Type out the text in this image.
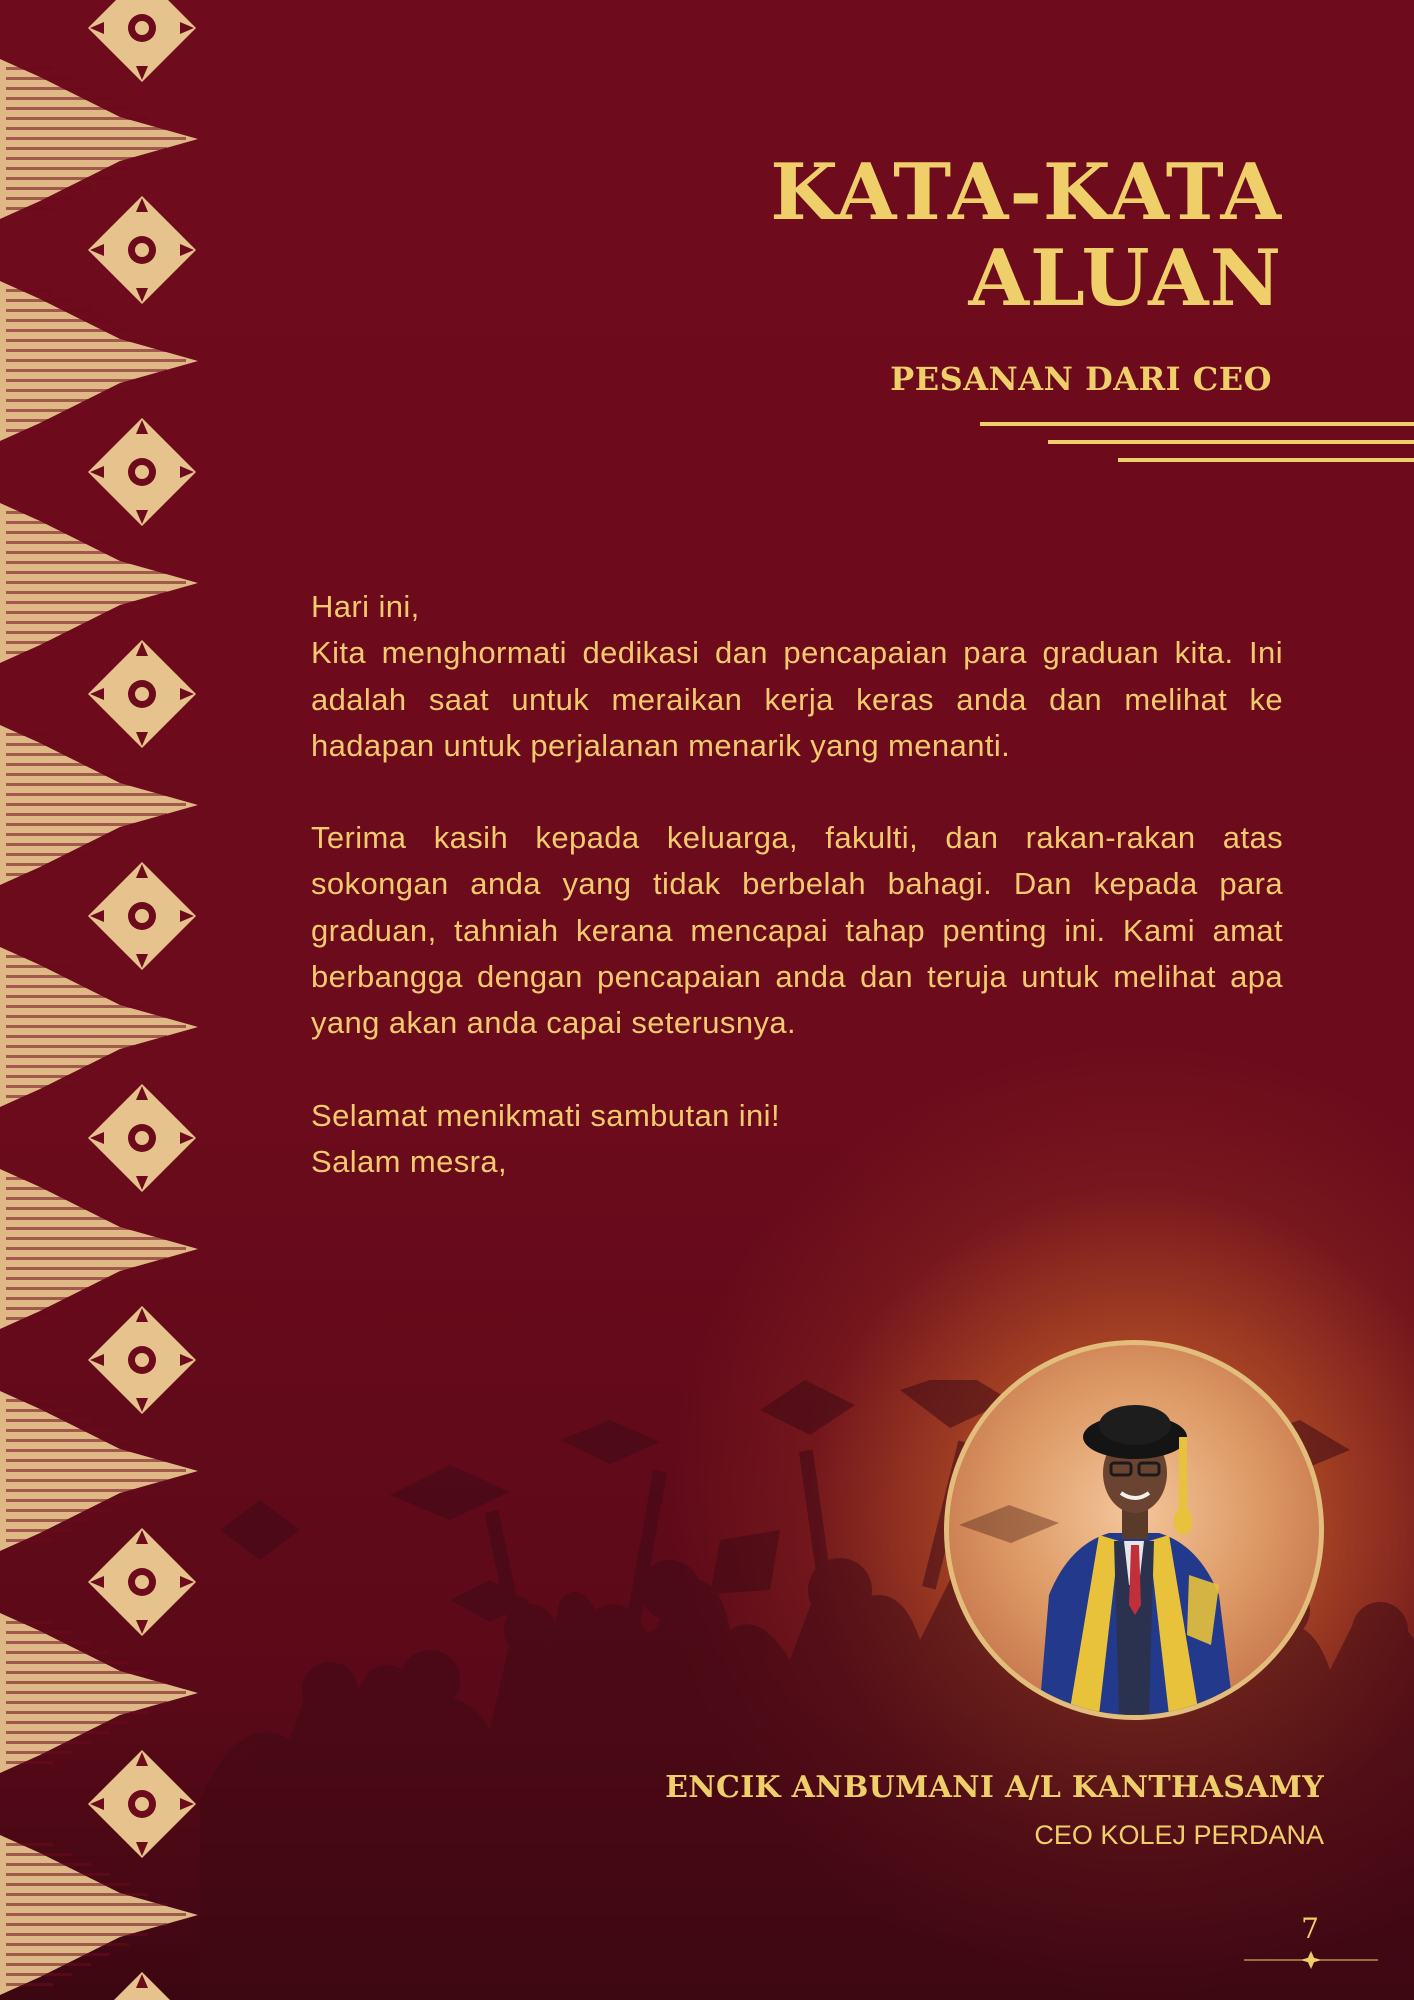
KATA-KATA
ALUAN
PESANAN DARI CEO

Hari ini,

Kita menghormati dedikasi dan pencapaian para graduan kita. Ini adalah saat untuk meraikan kerja keras anda dan melihat ke hadapan untuk perjalanan menarik yang menanti.

Terima kasih kepada keluarga, fakulti, dan rakan-rakan atas sokongan anda yang tidak berbelah bahagi. Dan kepada para graduan, tahniah kerana mencapai tahap penting ini. Kami amat berbangga dengan pencapaian anda dan teruja untuk melihat apa yang akan anda capai seterusnya.

Selamat menikmati sambutan ini!

Salam mesra,

ENCIK ANBUMANI A/L KANTHASAMY

CEO KOLEJ PERDANA

7
